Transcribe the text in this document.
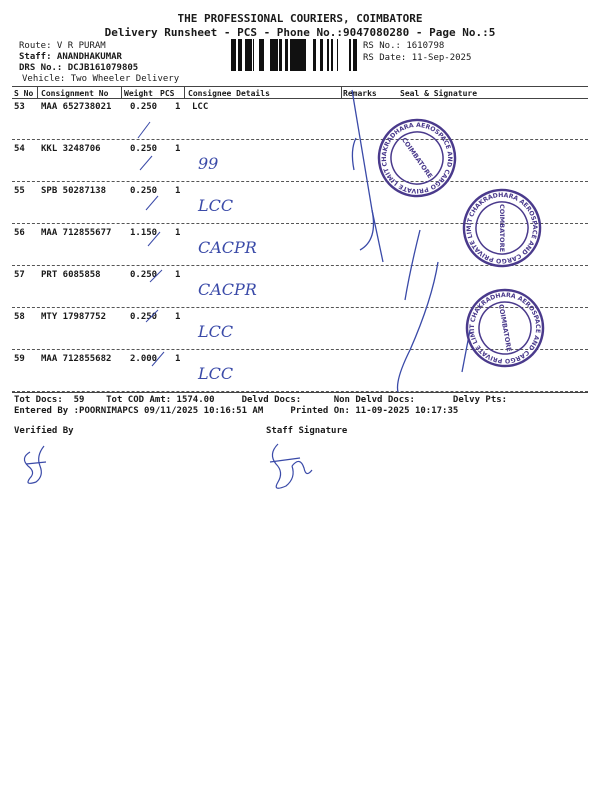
THE PROFESSIONAL COURIERS, COIMBATORE
Delivery Runsheet - PCS - Phone No.:9047080280 - Page No.:5
Route: V R PURAM
Staff: ANANDHAKUMAR
DRS No.: DCJB161079805
Vehicle: Two Wheeler Delivery
RS No.: 1610798
RS Date: 11-Sep-2025
S No Consignment No Weight PCS Consignee Details	Remarks	Seal & Signature
53 MAA 652738021 0.250 1 LCC
54 KKL 3248706	0.250 1
99
55 SPB 50287138	0.250 1
LCC
56 MAA 712855677 1.150 1
CACPR
57 PRT 6085858	0.250 1
CACPR
58 MTY 17987752	0.250 1
LCC
59 MAA 712855682 2.000 1
LCC
Tot Docs:  59    Tot COD Amt: 1574.00     Delvd Docs:      Non Delvd Docs:       Delvy Pts:
Entered By :POORNIMAPCS 09/11/2025 10:16:51 AM     Printed On: 11-09-2025 10:17:35
Verified By	Staff Signature
CHAKRADHARA AEROSPACE AND CARGO PRIVATE LIMITED
COIMBATORE
CHAKRADHARA AEROSPACE AND CARGO PRIVATE LIMITED
COIMBATORE
CHAKRADHARA AEROSPACE AND CARGO PRIVATE LIMITED
COIMBATORE
